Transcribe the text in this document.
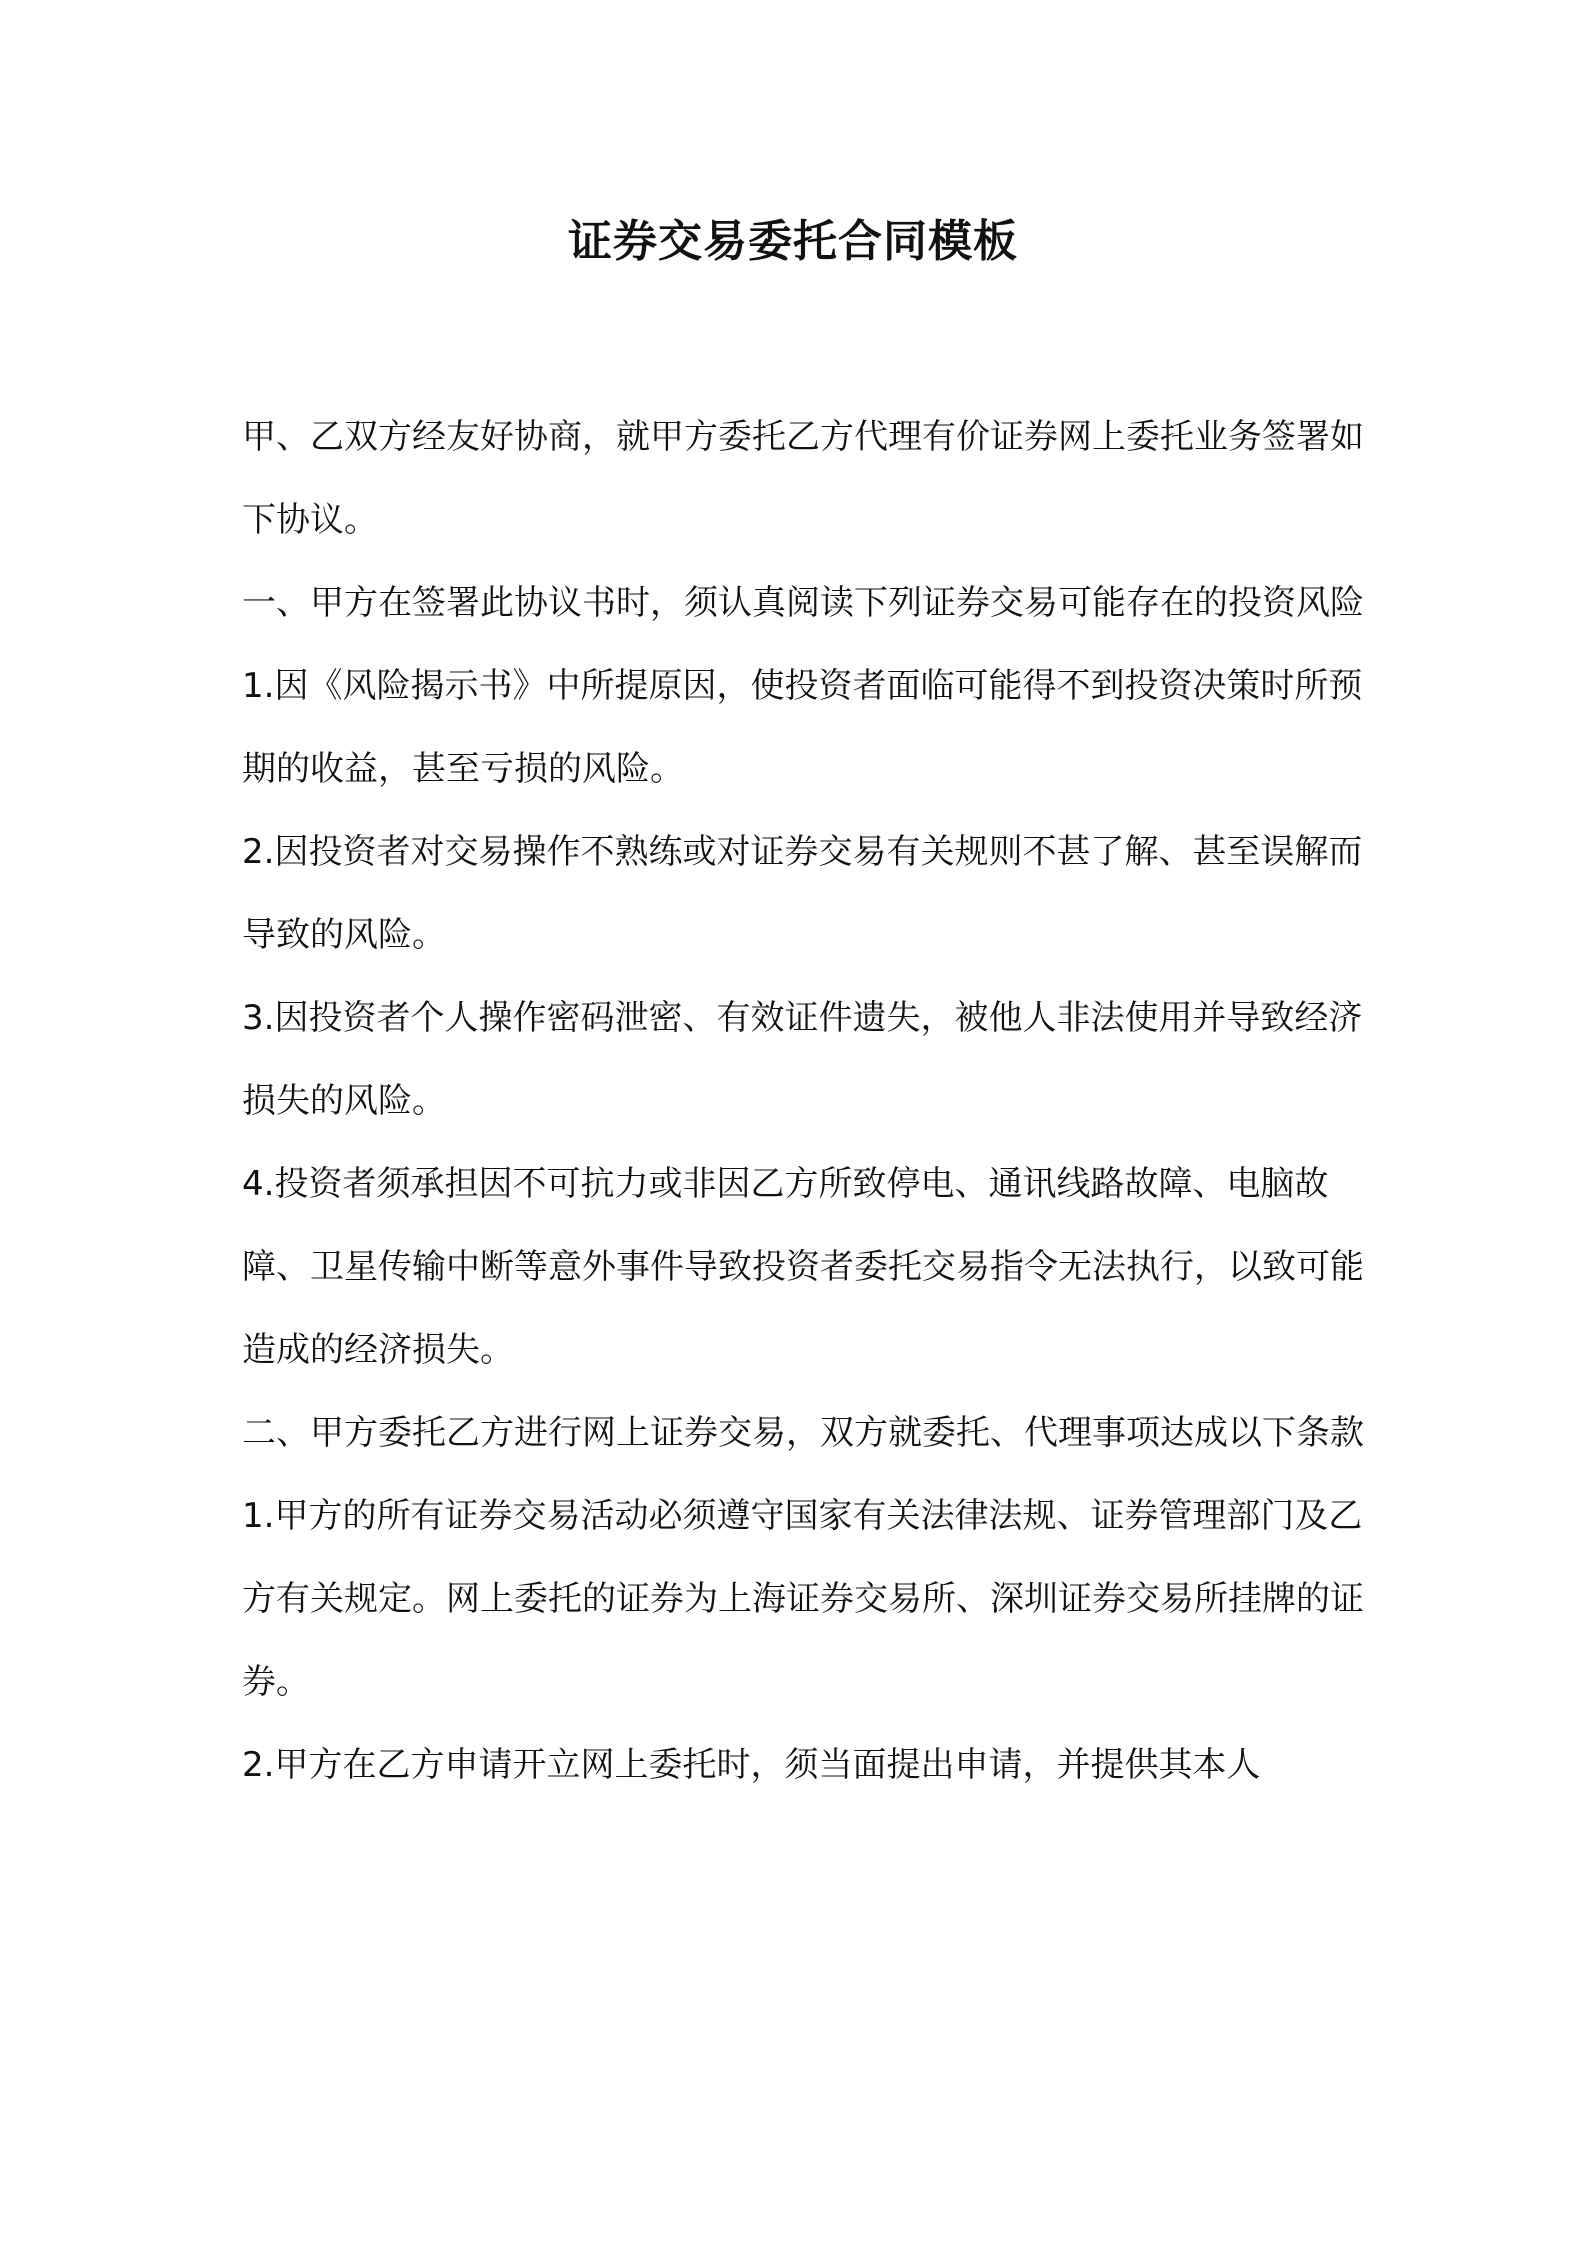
证券交易委托合同模板

甲、乙双方经友好协商，就甲方委托乙方代理有价证券网上委托业务签署如下协议。

一、甲方在签署此协议书时，须认真阅读下列证券交易可能存在的投资风险

1.因《风险揭示书》中所提原因，使投资者面临可能得不到投资决策时所预期的收益，甚至亏损的风险。

2.因投资者对交易操作不熟练或对证券交易有关规则不甚了解、甚至误解而导致的风险。

3.因投资者个人操作密码泄密、有效证件遗失，被他人非法使用并导致经济损失的风险。

4.投资者须承担因不可抗力或非因乙方所致停电、通讯线路故障、电脑故障、卫星传输中断等意外事件导致投资者委托交易指令无法执行，以致可能造成的经济损失。

二、甲方委托乙方进行网上证券交易，双方就委托、代理事项达成以下条款

1.甲方的所有证券交易活动必须遵守国家有关法律法规、证券管理部门及乙方有关规定。网上委托的证券为上海证券交易所、深圳证券交易所挂牌的证券。

2.甲方在乙方申请开立网上委托时，须当面提出申请，并提供其本人
